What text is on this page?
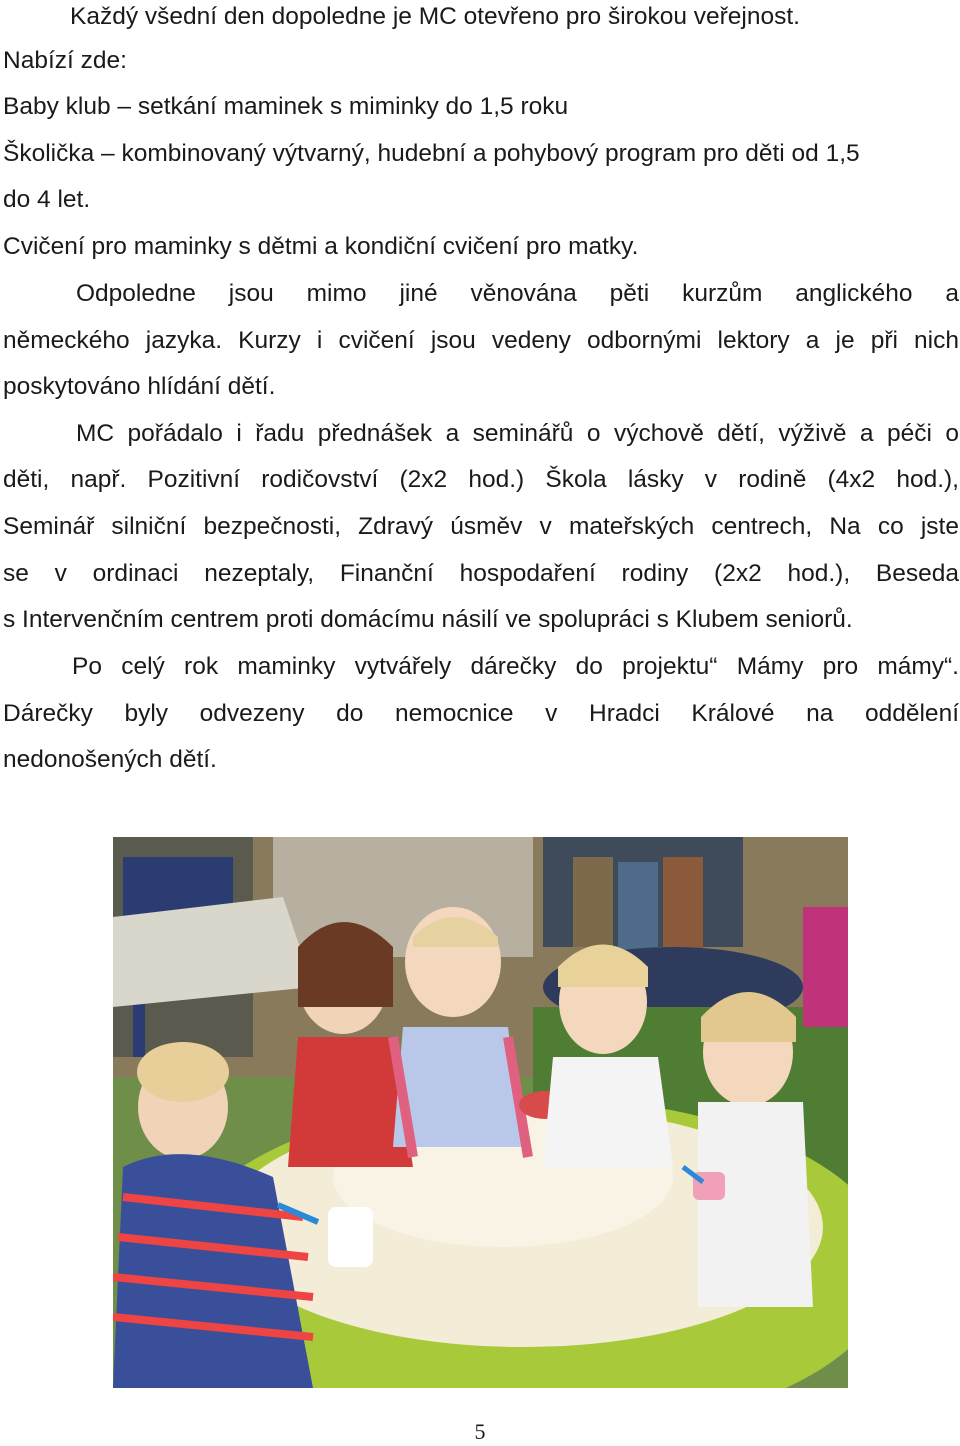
Každý všední den dopoledne je MC otevřeno pro širokou veřejnost.
Nabízí zde:
Baby klub – setkání maminek s miminky do 1,5 roku
Školička – kombinovaný výtvarný, hudební a pohybový program pro děti od 1,5
do 4 let.
Cvičení pro maminky s dětmi a kondiční cvičení pro matky.
Odpoledne jsou mimo jiné věnována pěti kurzům anglického a
německého jazyka. Kurzy i cvičení jsou vedeny odbornými lektory a je při nich
poskytováno hlídání dětí.
MC pořádalo i řadu přednášek a seminářů o výchově dětí, výživě a péči o
děti, např. Pozitivní rodičovství (2x2 hod.) Škola lásky v rodině (4x2 hod.),
Seminář silniční bezpečnosti, Zdravý úsměv v mateřských centrech, Na co jste
se v ordinaci nezeptaly, Finanční hospodaření rodiny (2x2 hod.), Beseda
s Intervenčním centrem proti domácímu násilí ve spolupráci s Klubem seniorů.
Po celý rok maminky vytvářely dárečky do projektu“ Mámy pro mámy“.
Dárečky byly odvezeny do nemocnice v Hradci Králové na oddělení
nedonošených dětí.
5
